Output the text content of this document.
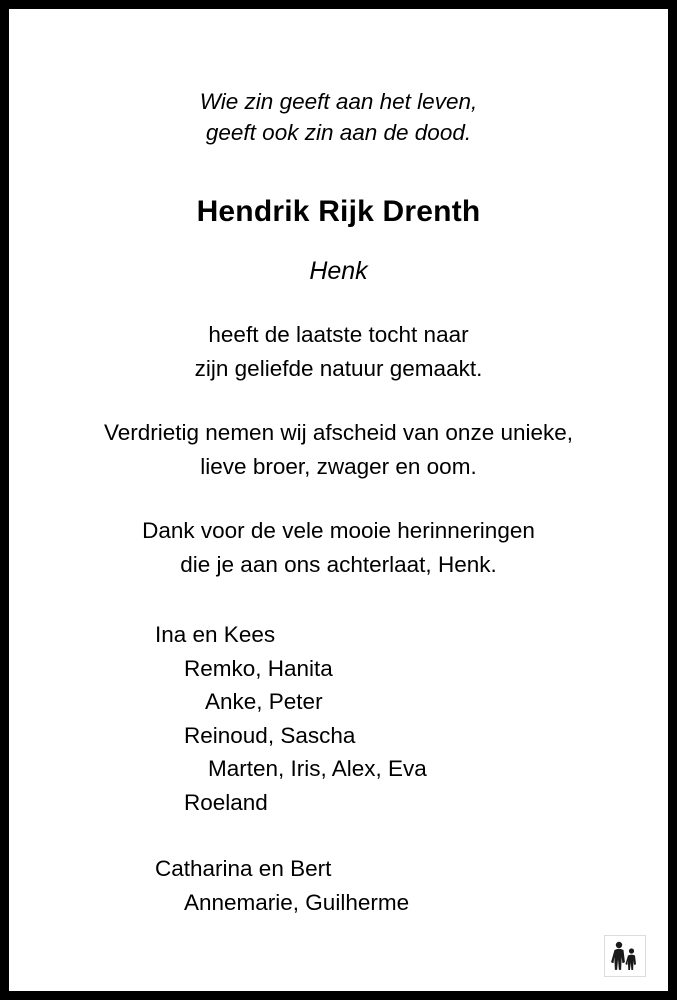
Wie zin geeft aan het leven,
geeft ook zin aan de dood.
Hendrik Rijk Drenth
Henk
heeft de laatste tocht naar
zijn geliefde natuur gemaakt.
Verdrietig nemen wij afscheid van onze unieke,
lieve broer, zwager en oom.
Dank voor de vele mooie herinneringen
die je aan ons achterlaat, Henk.
Ina en Kees
Remko, Hanita
Anke, Peter
Reinoud, Sascha
Marten, Iris, Alex, Eva
Roeland
Catharina en Bert
Annemarie, Guilherme
